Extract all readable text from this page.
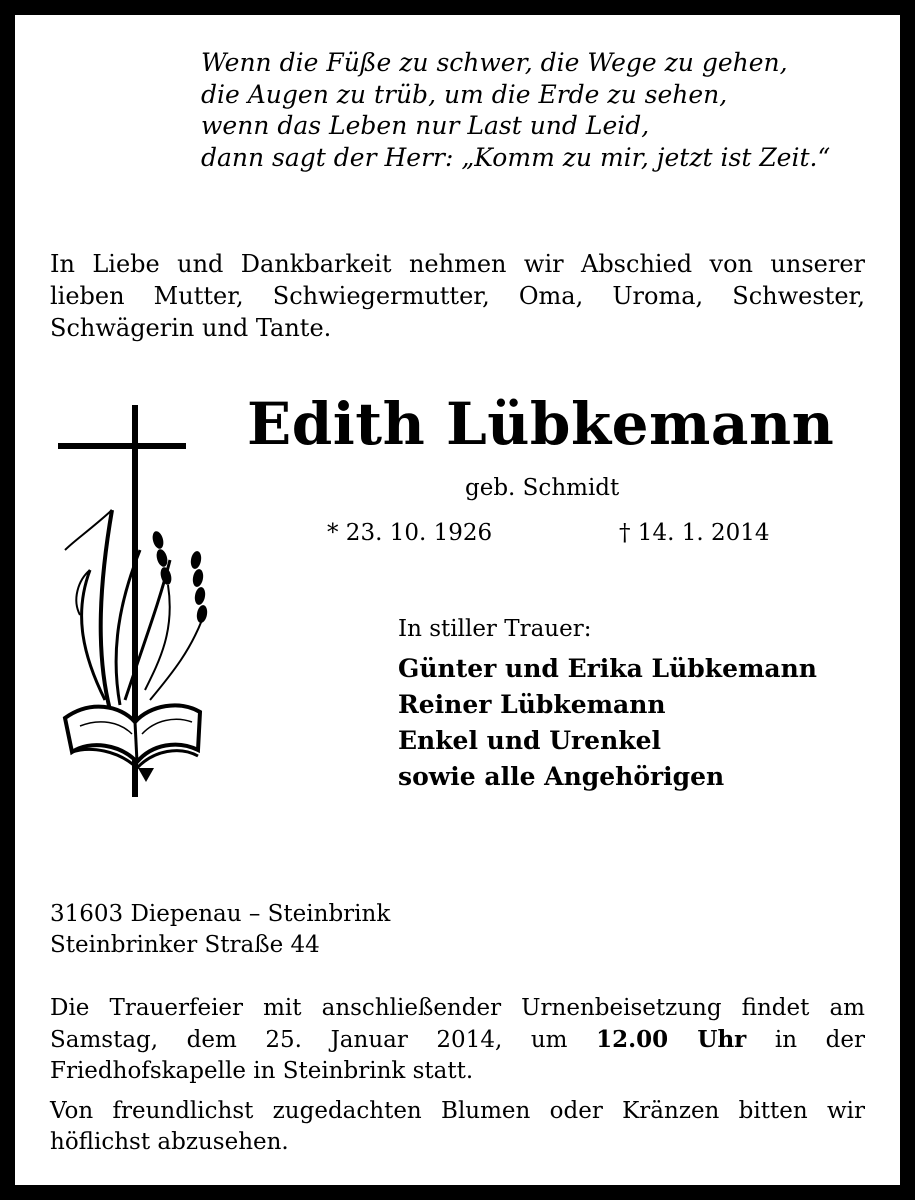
Wenn die Füße zu schwer, die Wege zu gehen,
die Augen zu trüb, um die Erde zu sehen,
wenn das Leben nur Last und Leid,
dann sagt der Herr: „Komm zu mir, jetzt ist Zeit.“
In Liebe und Dankbarkeit nehmen wir Abschied von unserer lieben Mutter, Schwiegermutter, Oma, Uroma, Schwester, Schwägerin und Tante.
Edith Lübkemann
geb. Schmidt
* 23. 10. 1926	† 14. 1. 2014
In stiller Trauer:
Günter und Erika Lübkemann
Reiner Lübkemann
Enkel und Urenkel
sowie alle Angehörigen
31603 Diepenau – Steinbrink
Steinbrinker Straße 44
Die Trauerfeier mit anschließender Urnenbeisetzung findet am Samstag, dem 25. Januar 2014, um 12.00 Uhr in der Friedhofskapelle in Steinbrink statt.
Von freundlichst zugedachten Blumen oder Kränzen bitten wir höflichst abzusehen.
